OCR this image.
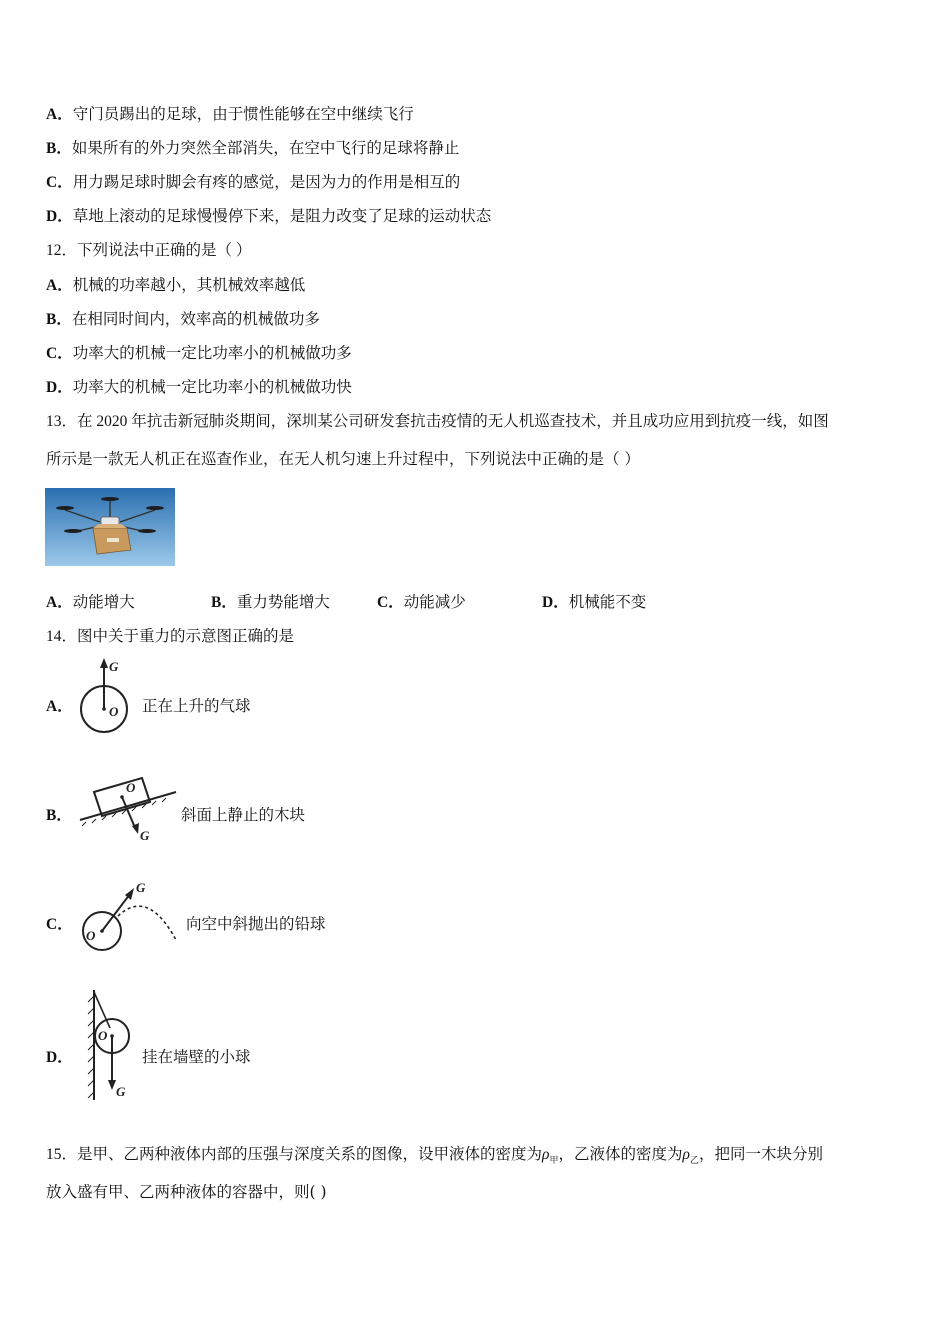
A．守门员踢出的足球，由于惯性能够在空中继续飞行
B．如果所有的外力突然全部消失，在空中飞行的足球将静止
C．用力踢足球时脚会有疼的感觉，是因为力的作用是相互的
D．草地上滚动的足球慢慢停下来，是阻力改变了足球的运动状态
12．下列说法中正确的是（ ）
A．机械的功率越小，其机械效率越低
B．在相同时间内，效率高的机械做功多
C．功率大的机械一定比功率小的机械做功多
D．功率大的机械一定比功率小的机械做功快
13．在 2020 年抗击新冠肺炎期间，深圳某公司研发套抗击疫情的无人机巡查技术，并且成功应用到抗疫一线，如图
所示是一款无人机正在巡查作业，在无人机匀速上升过程中，下列说法中正确的是（ ）
A．动能增大	B．重力势能增大	C．动能减少	D．机械能不变
14．图中关于重力的示意图正确的是
A．
G
O 正在上升的气球
B．
O
G
斜面上静止的木块
C．
G
O
向空中斜抛出的铅球
D．
O
G
挂在墙壁的小球
15．是甲、乙两种液体内部的压强与深度关系的图像，设甲液体的密度为$\rho_甲$，乙液体的密度为$\rho_乙$，把同一木块分别
放入盛有甲、乙两种液体的容器中，则( )
